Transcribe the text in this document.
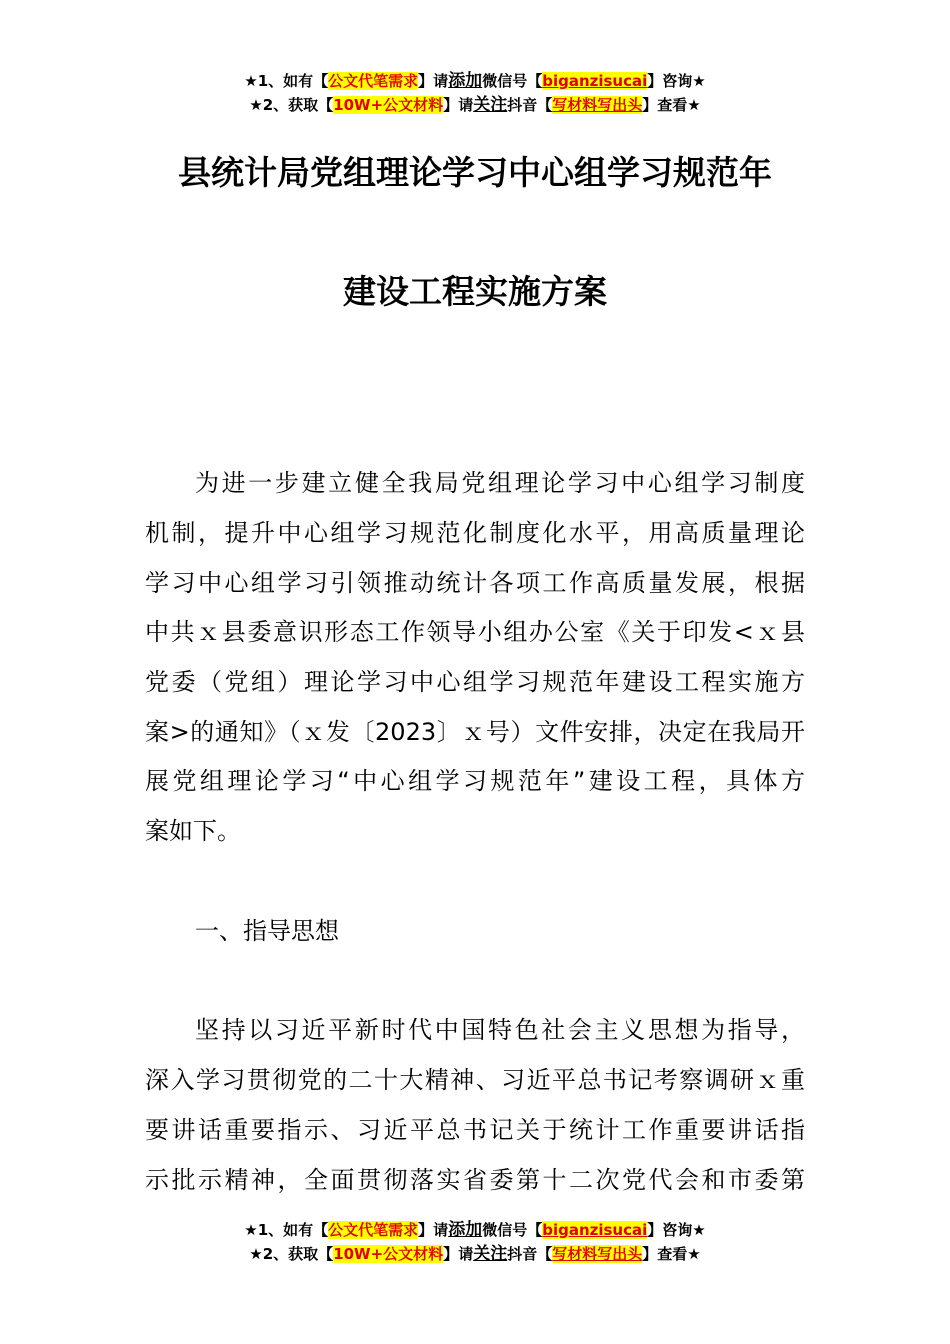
★1、如有【公文代笔需求】请添加微信号【biganzisucai】咨询★
★2、获取【10W+公文材料】请关注抖音【写材料写出头】查看★
县统计局党组理论学习中心组学习规范年
建设工程实施方案
为进一步建立健全我局党组理论学习中心组学习制度
机制，提升中心组学习规范化制度化水平，用高质量理论
学习中心组学习引领推动统计各项工作高质量发展，根据
中共ｘ县委意识形态工作领导小组办公室《关于印发<ｘ县
党委（党组）理论学习中心组学习规范年建设工程实施方
案>的通知》（ｘ发〔2023〕ｘ号）文件安排，决定在我局开
展党组理论学习“中心组学习规范年”建设工程，具体方
案如下。
一、指导思想
坚持以习近平新时代中国特色社会主义思想为指导，
深入学习贯彻党的二十大精神、习近平总书记考察调研ｘ重
要讲话重要指示、习近平总书记关于统计工作重要讲话指
示批示精神，全面贯彻落实省委第十二次党代会和市委第
★1、如有【公文代笔需求】请添加微信号【biganzisucai】咨询★
★2、获取【10W+公文材料】请关注抖音【写材料写出头】查看★
